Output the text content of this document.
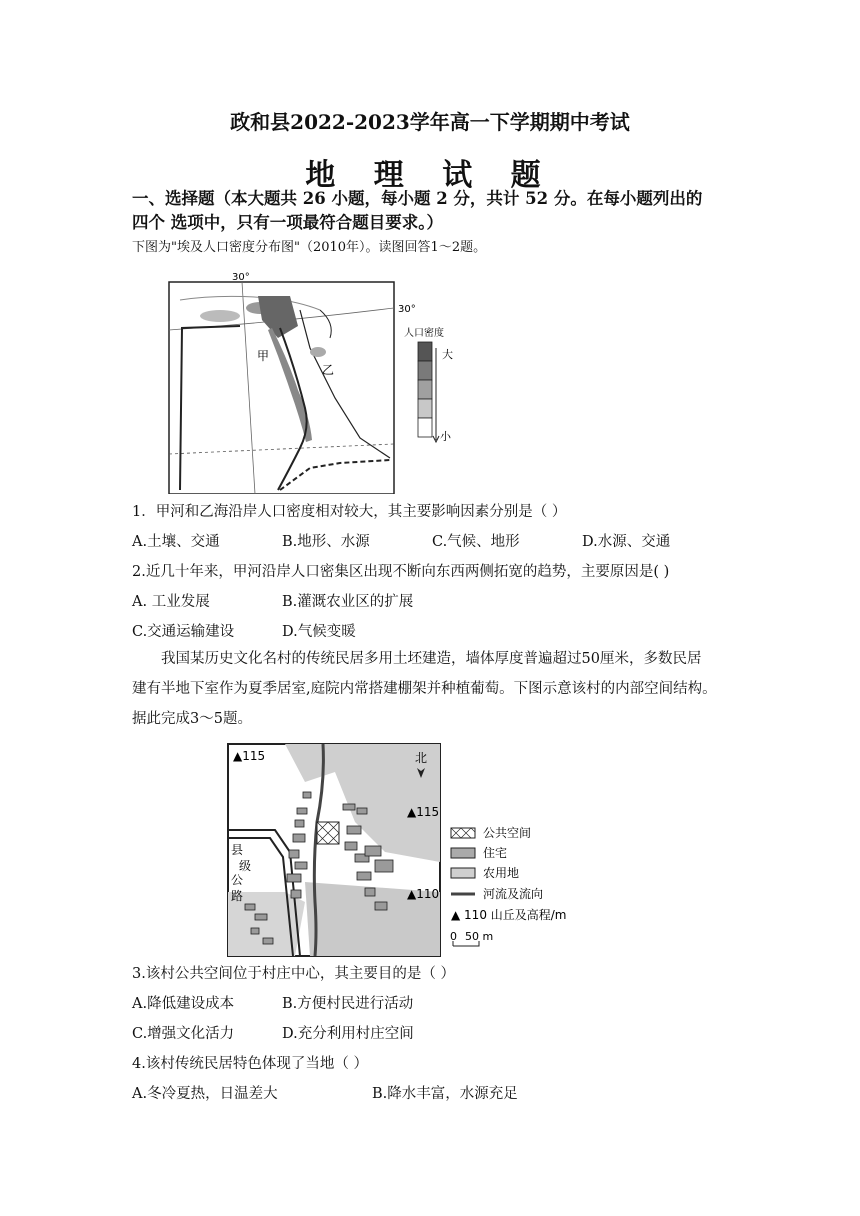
政和县2022-2023学年高一下学期期中考试
地 理 试 题
一、选择题（本大题共 26 小题，每小题 2 分，共计 52 分。在每小题列出的
四个 选项中，只有一项最符合题目要求。）
下图为"埃及人口密度分布图"（2010年）。读图回答1～2题。
30°
30°
甲
乙
人口密度
大
小
1．甲河和乙海沿岸人口密度相对较大，其主要影响因素分别是（ ）
A.土壤、交通	B.地形、水源	C.气候、地形	D.水源、交通
2.近几十年来，甲河沿岸人口密集区出现不断向东西两侧拓宽的趋势，主要原因是( )
A. 工业发展	B.灌溉农业区的扩展
C.交通运输建设	D.气候变暖
我国某历史文化名村的传统民居多用土坯建造，墙体厚度普遍超过50厘米，多数民居
建有半地下室作为夏季居室,庭院内常搭建棚架并种植葡萄。下图示意该村的内部空间结构。
据此完成3～5题。
▲115
▲115
▲110
北
县
级
公
路
公共空间
住宅
农用地
河流及流向
▲ 110 山丘及高程/m
0 50 m
3.该村公共空间位于村庄中心，其主要目的是（ ）
A.降低建设成本	B.方便村民进行活动
C.增强文化活力	D.充分利用村庄空间
4.该村传统民居特色体现了当地（ ）
A.冬冷夏热，日温差大	B.降水丰富，水源充足
